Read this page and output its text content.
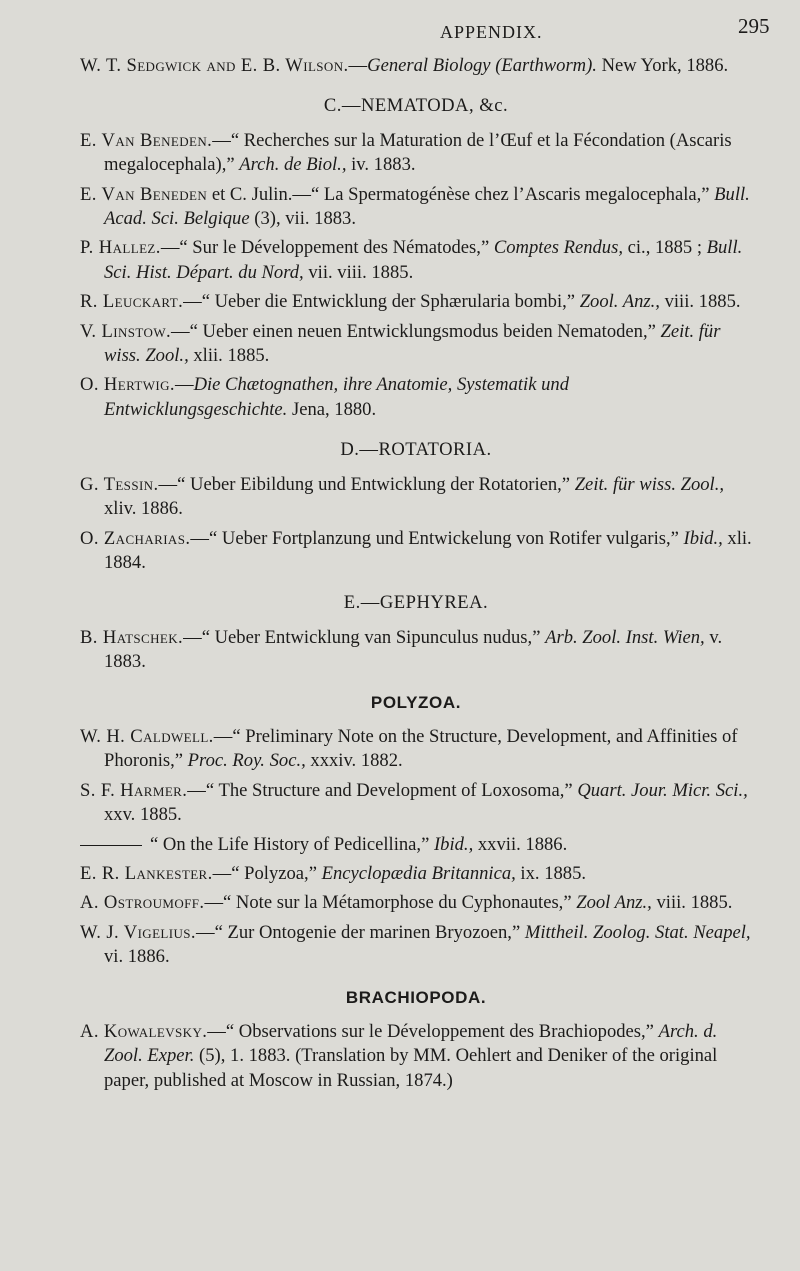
APPENDIX.	295

W. T. Sedgwick and E. B. Wilson.—General Biology (Earthworm). New York, 1886.

C.—NEMATODA, &c.

E. Van Beneden.—“ Recherches sur la Maturation de l’Œuf et la Fécondation (Ascaris megalocephala),” Arch. de Biol., iv. 1883.

E. Van Beneden et C. Julin.—“ La Spermatogénèse chez l’Ascaris megalocephala,” Bull. Acad. Sci. Belgique (3), vii. 1883.

P. Hallez.—“ Sur le Développement des Nématodes,” Comptes Rendus, ci., 1885 ; Bull. Sci. Hist. Départ. du Nord, vii. viii. 1885.

R. Leuckart.—“ Ueber die Entwicklung der Sphærularia bombi,” Zool. Anz., viii. 1885.

V. Linstow.—“ Ueber einen neuen Entwicklungsmodus beiden Nematoden,” Zeit. für wiss. Zool., xlii. 1885.

O. Hertwig.—Die Chætognathen, ihre Anatomie, Systematik und Entwicklungsgeschichte. Jena, 1880.

D.—ROTATORIA.

G. Tessin.—“ Ueber Eibildung und Entwicklung der Rotatorien,” Zeit. für wiss. Zool., xliv. 1886.

O. Zacharias.—“ Ueber Fortplanzung und Entwickelung von Rotifer vulgaris,” Ibid., xli. 1884.

E.—GEPHYREA.

B. Hatschek.—“ Ueber Entwicklung van Sipunculus nudus,” Arb. Zool. Inst. Wien, v. 1883.

POLYZOA.

W. H. Caldwell.—“ Preliminary Note on the Structure, Development, and Affinities of Phoronis,” Proc. Roy. Soc., xxxiv. 1882.

S. F. Harmer.—“ The Structure and Development of Loxosoma,” Quart. Jour. Micr. Sci., xxv. 1885.

“ On the Life History of Pedicellina,” Ibid., xxvii. 1886.

E. R. Lankester.—“ Polyzoa,” Encyclopædia Britannica, ix. 1885.

A. Ostroumoff.—“ Note sur la Métamorphose du Cyphonautes,” Zool Anz., viii. 1885.

W. J. Vigelius.—“ Zur Ontogenie der marinen Bryozoen,” Mittheil. Zoolog. Stat. Neapel, vi. 1886.

BRACHIOPODA.

A. Kowalevsky.—“ Observations sur le Développement des Brachiopodes,” Arch. d. Zool. Exper. (5), 1. 1883. (Translation by MM. Oehlert and Deniker of the original paper, published at Moscow in Russian, 1874.)
